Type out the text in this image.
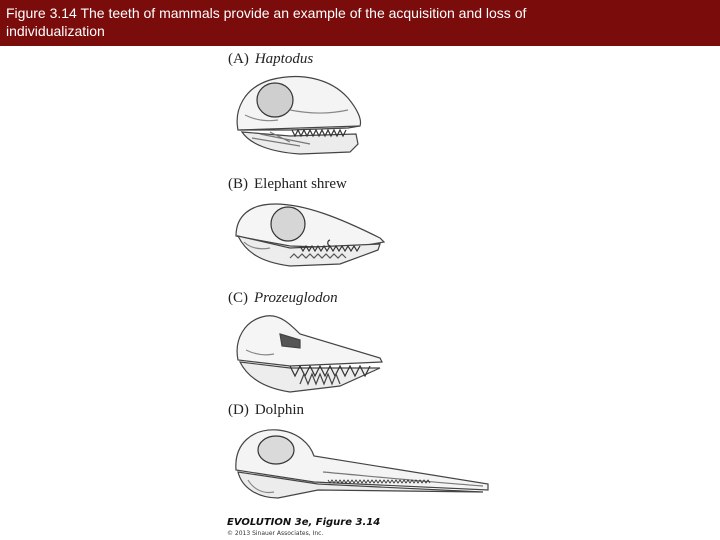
Figure 3.14 The teeth of mammals provide an example of the acquisition and loss of individualization
(A) Haptodus
(B) Elephant shrew
(C) Prozeuglodon
(D) Dolphin
EVOLUTION 3e, Figure 3.14
© 2013 Sinauer Associates, Inc.
